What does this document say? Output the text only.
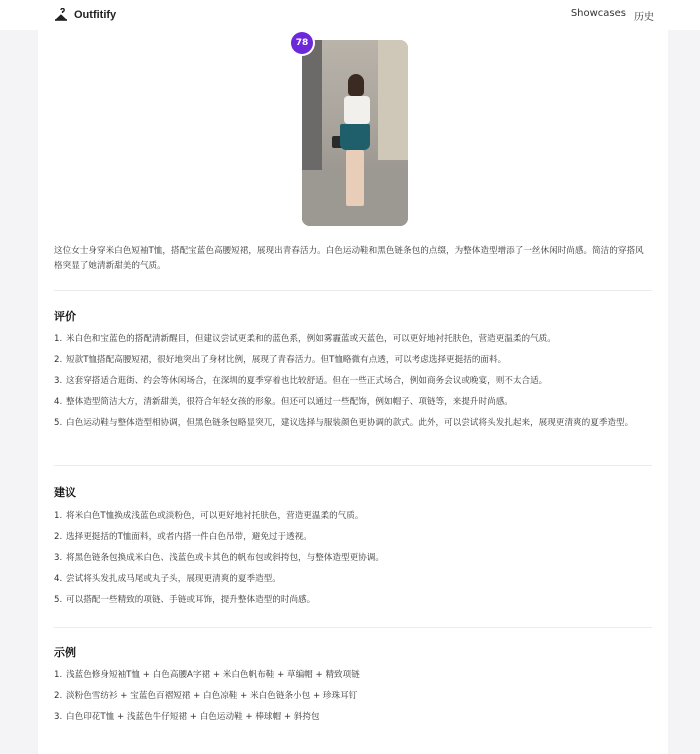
Outfitify	Showcases 历史
78

这位女士身穿米白色短袖T恤，搭配宝蓝色高腰短裙，展现出青春活力。白色运动鞋和黑色链条包的点缀，为整体造型增添了一丝休闲时尚感。简洁的穿搭风格突显了她清新甜美的气质。

评价
1. 米白色和宝蓝色的搭配清新醒目，但建议尝试更柔和的蓝色系，例如雾霾蓝或天蓝色，可以更好地衬托肤色，营造更温柔的气质。
2. 短款T恤搭配高腰短裙，很好地突出了身材比例，展现了青春活力。但T恤略微有点透，可以考虑选择更挺括的面料。
3. 这套穿搭适合逛街、约会等休闲场合，在深圳的夏季穿着也比较舒适。但在一些正式场合，例如商务会议或晚宴，则不太合适。
4. 整体造型简洁大方，清新甜美，很符合年轻女孩的形象。但还可以通过一些配饰，例如帽子、项链等，来提升时尚感。
5. 白色运动鞋与整体造型相协调，但黑色链条包略显突兀，建议选择与服装颜色更协调的款式。此外，可以尝试将头发扎起来，展现更清爽的夏季造型。
建议
1. 将米白色T恤换成浅蓝色或淡粉色，可以更好地衬托肤色，营造更温柔的气质。
2. 选择更挺括的T恤面料，或者内搭一件白色吊带，避免过于透视。
3. 将黑色链条包换成米白色、浅蓝色或卡其色的帆布包或斜挎包，与整体造型更协调。
4. 尝试将头发扎成马尾或丸子头，展现更清爽的夏季造型。
5. 可以搭配一些精致的项链、手链或耳饰，提升整体造型的时尚感。
示例
1. 浅蓝色修身短袖T恤 + 白色高腰A字裙 + 米白色帆布鞋 + 草编帽 + 精致项链
2. 淡粉色雪纺衫 + 宝蓝色百褶短裙 + 白色凉鞋 + 米白色链条小包 + 珍珠耳钉
3. 白色印花T恤 + 浅蓝色牛仔短裙 + 白色运动鞋 + 棒球帽 + 斜挎包
